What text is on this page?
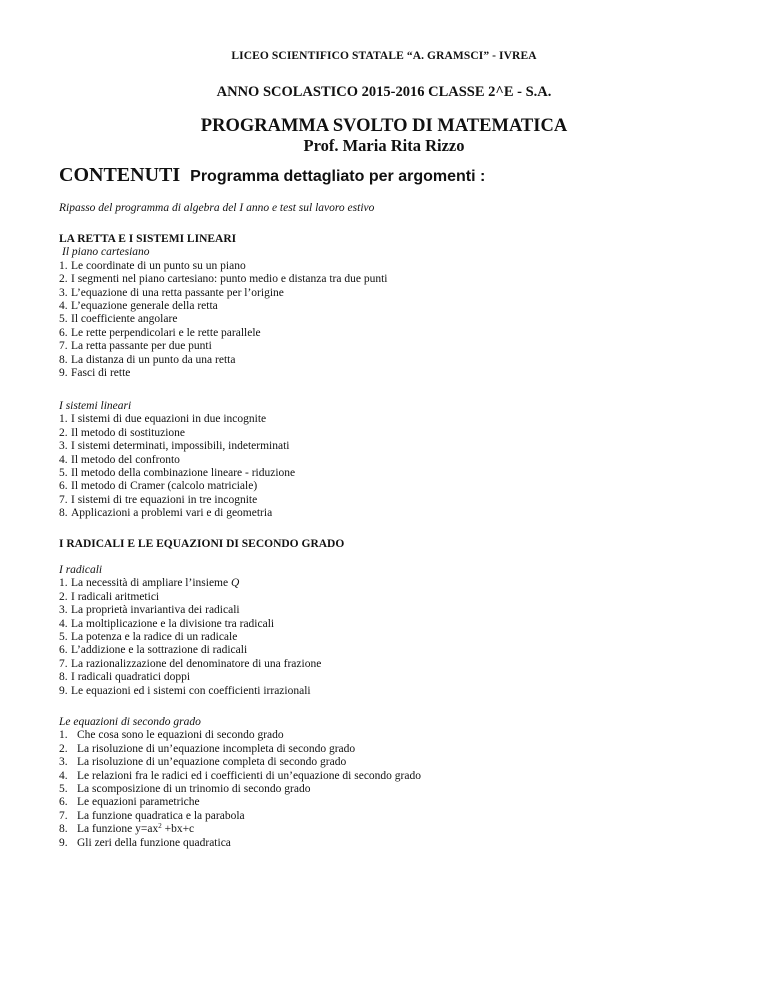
LICEO SCIENTIFICO STATALE “A. GRAMSCI” - IVREA
ANNO SCOLASTICO 2015-2016 CLASSE 2^E - S.A.
PROGRAMMA SVOLTO DI MATEMATICA
Prof. Maria Rita Rizzo
CONTENUTI Programma dettagliato per argomenti :
Ripasso del programma di algebra del I anno e test sul lavoro estivo
LA RETTA E I SISTEMI LINEARI
Il piano cartesiano
1. Le coordinate di un punto su un piano
2. I segmenti nel piano cartesiano: punto medio e distanza tra due punti
3. L’equazione di una retta passante per l’origine
4. L’equazione generale della retta
5. Il coefficiente angolare
6. Le rette perpendicolari e le rette parallele
7. La retta passante per due punti
8. La distanza di un punto da una retta
9. Fasci di rette
I sistemi lineari
1. I sistemi di due equazioni in due incognite
2. Il metodo di sostituzione
3. I sistemi determinati, impossibili, indeterminati
4. Il metodo del confronto
5. Il metodo della combinazione lineare - riduzione
6. Il metodo di Cramer (calcolo matriciale)
7. I sistemi di tre equazioni in tre incognite
8. Applicazioni a problemi vari e di geometria
I RADICALI E LE EQUAZIONI DI SECONDO GRADO
I radicali
1. La necessità di ampliare l’insieme Q
2. I radicali aritmetici
3. La proprietà invariantiva dei radicali
4. La moltiplicazione e la divisione tra radicali
5. La potenza e la radice di un radicale
6. L’addizione e la sottrazione di radicali
7. La razionalizzazione del denominatore di una frazione
8. I radicali quadratici doppi
9. Le equazioni ed i sistemi con coefficienti irrazionali
Le equazioni di secondo grado
1. Che cosa sono le equazioni di secondo grado
2. La risoluzione di un’equazione incompleta di secondo grado
3. La risoluzione di un’equazione completa di secondo grado
4. Le relazioni fra le radici ed i coefficienti di un’equazione di secondo grado
5. La scomposizione di un trinomio di secondo grado
6. Le equazioni parametriche
7. La funzione quadratica e la parabola
8. La funzione $y=ax^2 +bx+c$
9. Gli zeri della funzione quadratica
